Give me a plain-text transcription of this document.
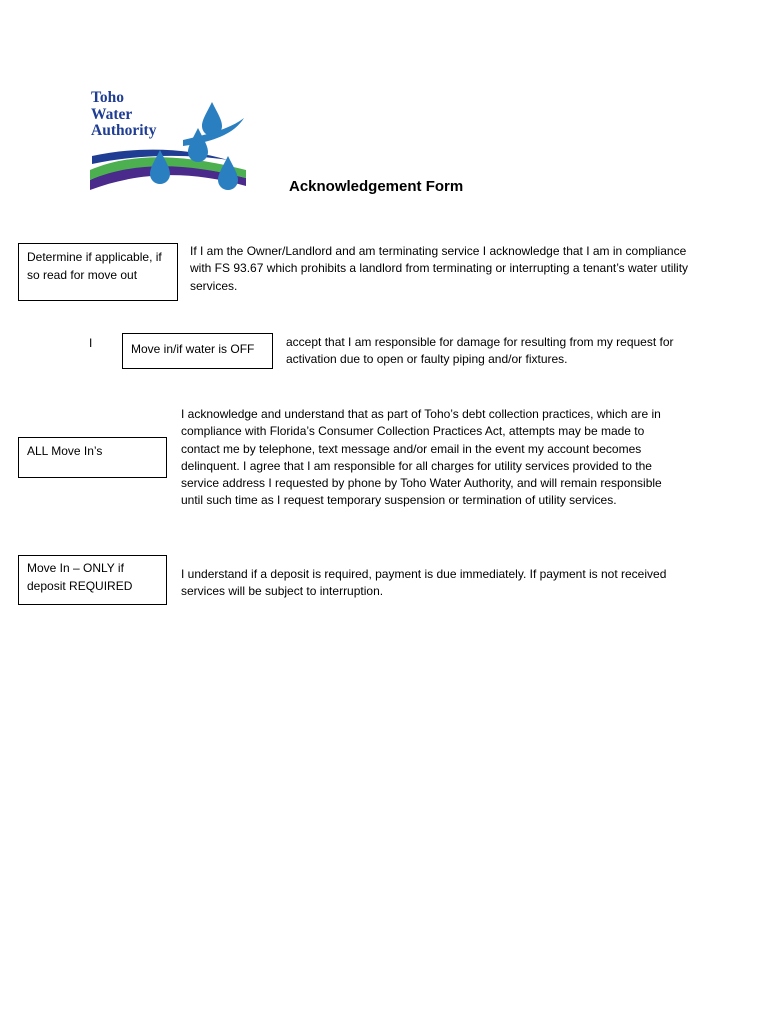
Toho
Water
Authority
Acknowledgement Form
Determine if applicable, if so read for move out
If I am the Owner/Landlord and am terminating service I acknowledge that I am in compliance with FS 93.67 which prohibits a landlord from terminating or interrupting a tenant’s water utility services.
I	Move in/if water is OFF	accept that I am responsible for damage for resulting from my request for activation due to open or faulty piping and/or fixtures.
ALL Move In’s
I acknowledge and understand that as part of Toho’s debt collection practices, which are in compliance with Florida’s Consumer Collection Practices Act, attempts may be made to contact me by telephone, text message and/or email in the event my account becomes delinquent. I agree that I am responsible for all charges for utility services provided to the service address I requested by phone by Toho Water Authority, and will remain responsible until such time as I request temporary suspension or termination of utility services.
Move In – ONLY if deposit REQUIRED
I understand if a deposit is required, payment is due immediately. If payment is not received services will be subject to interruption.
